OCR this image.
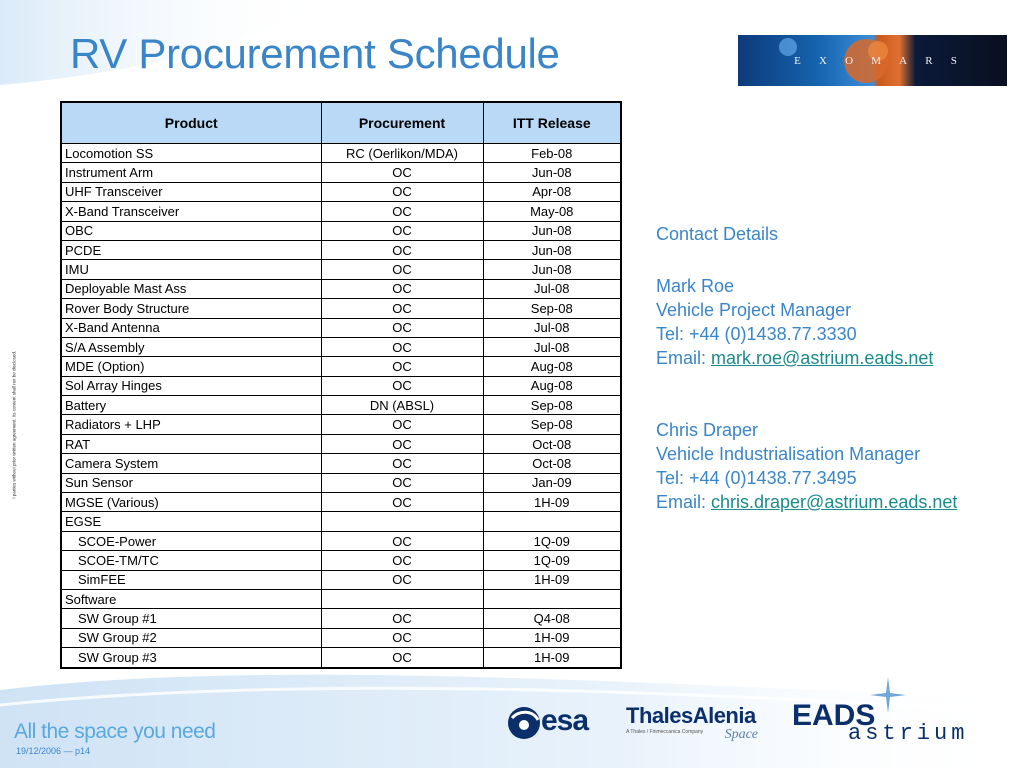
RV Procurement Schedule	E X O M A R S
Product	Procurement	ITT Release
Locomotion SS	RC (Oerlikon/MDA)	Feb-08
Instrument Arm	OC	Jun-08
UHF Transceiver	OC	Apr-08
X-Band Transceiver	OC	May-08
OBC	OC	Jun-08
PCDE	OC	Jun-08
IMU	OC	Jun-08
Deployable Mast Ass	OC	Jul-08
Rover Body Structure	OC	Sep-08
X-Band Antenna	OC	Jul-08
S/A Assembly	OC	Jul-08
MDE (Option)	OC	Aug-08
Sol Array Hinges	OC	Aug-08
Battery	DN (ABSL)	Sep-08
Radiators + LHP	OC	Sep-08
RAT	OC	Oct-08
Camera System	OC	Oct-08
Sun Sensor	OC	Jan-09
MGSE (Various)	OC	1H-09
EGSE		
SCOE-Power	OC	1Q-09
SCOE-TM/TC	OC	1Q-09
SimFEE	OC	1H-09
Software		
SW Group #1	OC	Q4-08
SW Group #2	OC	1H-09
SW Group #3	OC	1H-09

Contact Details

Mark Roe

Vehicle Project Manager

Tel: +44 (0)1438.77.3330

Email: mark.roe@astrium.eads.net

Chris Draper

Vehicle Industrialisation Manager

Tel: +44 (0)1438.77.3495

Email: chris.draper@astrium.eads.net

l parties without prior written agreement. Its content shall not be disclosed.
All the space you need
19/12/2006 — p14
esa ThalesAlenia
A Thales / Finmeccanica Company	Space
EADS
astrium
